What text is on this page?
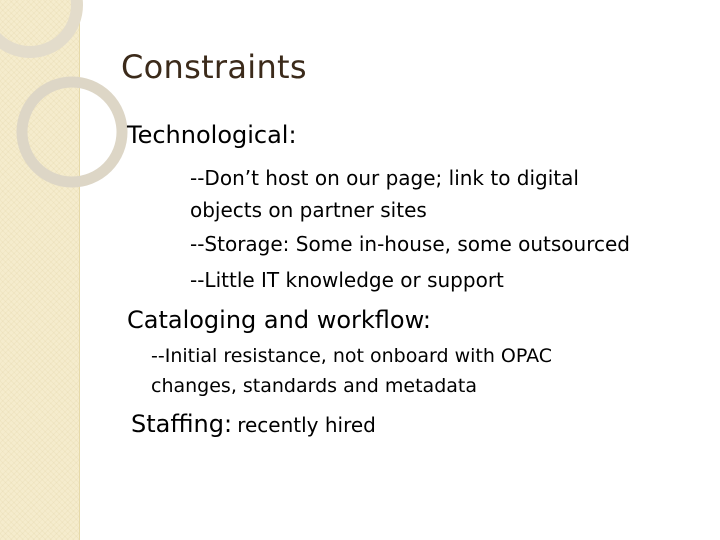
Constraints
Technological:
--Don’t host on our page; link to digital
objects on partner sites
--Storage: Some in-house, some outsourced
--Little IT knowledge or support
Cataloging and workflow:
--Initial resistance, not onboard with OPAC
changes, standards and metadata
Staffing: recently hired
